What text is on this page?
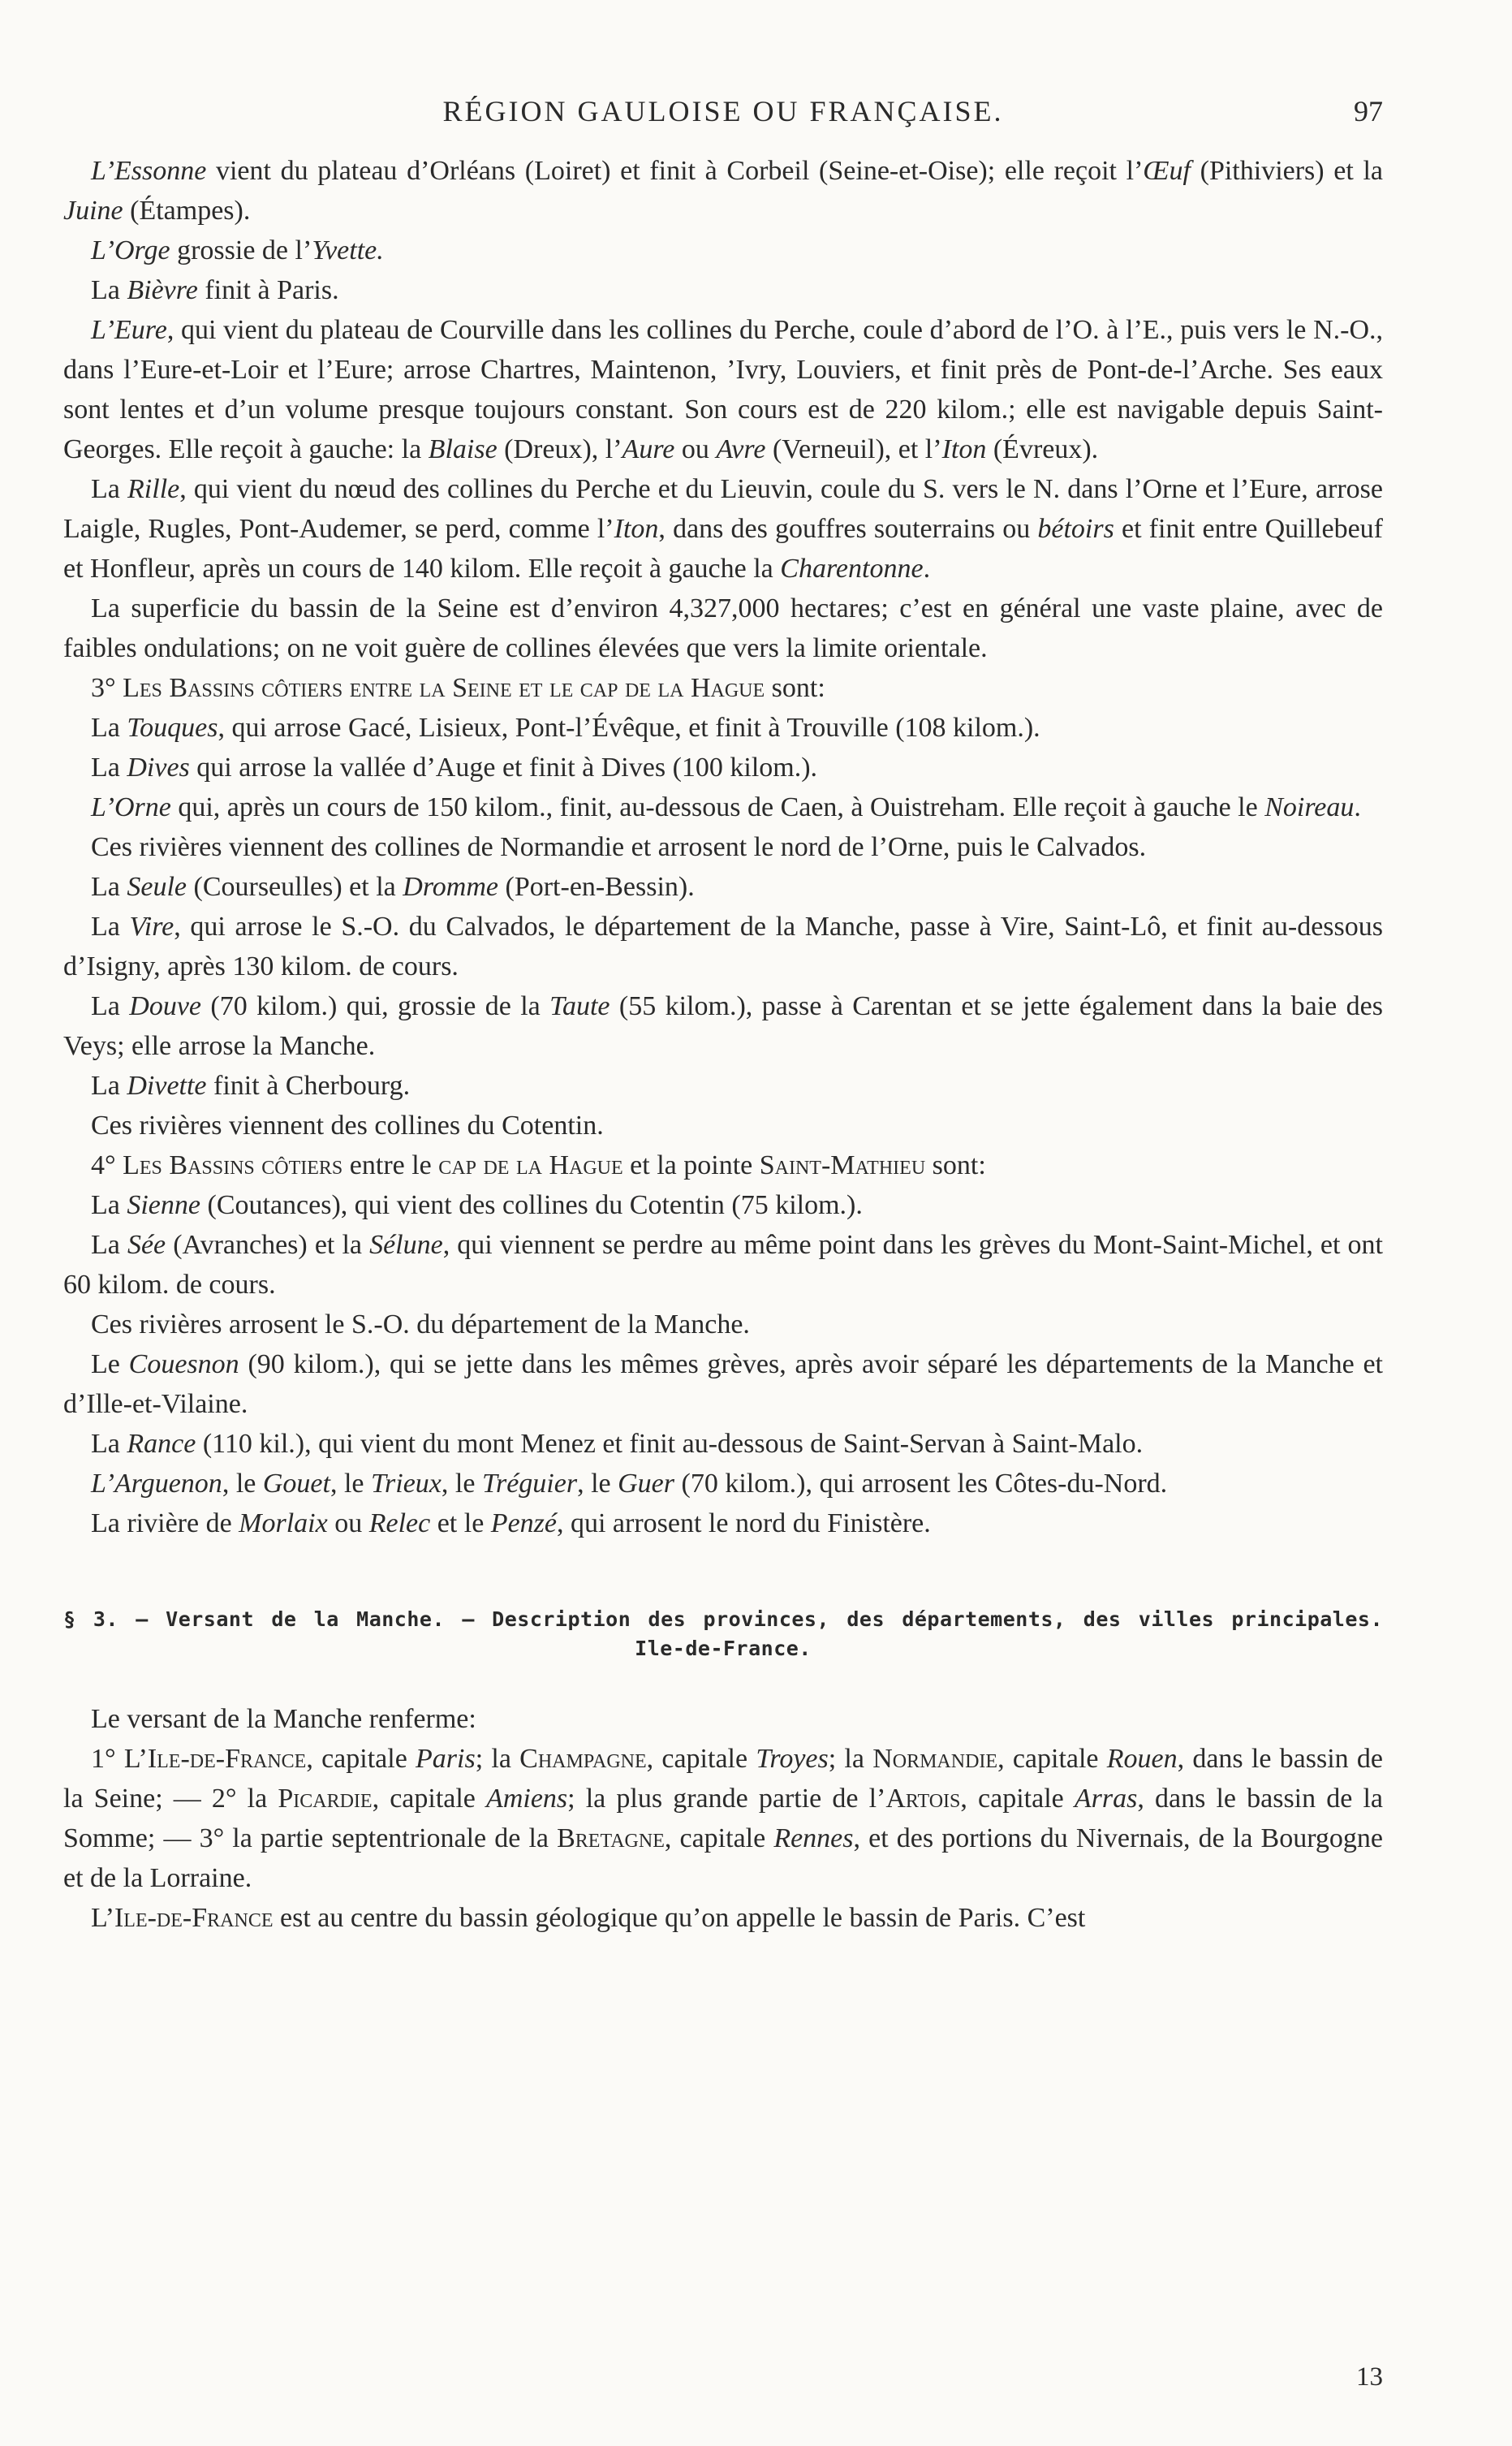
RÉGION GAULOISE OU FRANÇAISE.	97

L’Essonne vient du plateau d’Orléans (Loiret) et finit à Corbeil (Seine-et-Oise); elle reçoit l’Œuf (Pithiviers) et la Juine (Étampes).

L’Orge grossie de l’Yvette.

La Bièvre finit à Paris.

L’Eure, qui vient du plateau de Courville dans les collines du Perche, coule d’abord de l’O. à l’E., puis vers le N.-O., dans l’Eure-et-Loir et l’Eure; arrose Chartres, Maintenon, ’Ivry, Louviers, et finit près de Pont-de-l’Arche. Ses eaux sont lentes et d’un volume presque toujours constant. Son cours est de 220 kilom.; elle est navigable depuis Saint-Georges. Elle reçoit à gauche: la Blaise (Dreux), l’Aure ou Avre (Verneuil), et l’Iton (Évreux).

La Rille, qui vient du nœud des collines du Perche et du Lieuvin, coule du S. vers le N. dans l’Orne et l’Eure, arrose Laigle, Rugles, Pont-Audemer, se perd, comme l’Iton, dans des gouffres souterrains ou bétoirs et finit entre Quillebeuf et Honfleur, après un cours de 140 kilom. Elle reçoit à gauche la Charentonne.

La superficie du bassin de la Seine est d’environ 4,327,000 hectares; c’est en général une vaste plaine, avec de faibles ondulations; on ne voit guère de collines élevées que vers la limite orientale.

3° Les Bassins côtiers entre la Seine et le cap de la Hague sont:

La Touques, qui arrose Gacé, Lisieux, Pont-l’Évêque, et finit à Trouville (108 kilom.).

La Dives qui arrose la vallée d’Auge et finit à Dives (100 kilom.).

L’Orne qui, après un cours de 150 kilom., finit, au-dessous de Caen, à Ouistreham. Elle reçoit à gauche le Noireau.

Ces rivières viennent des collines de Normandie et arrosent le nord de l’Orne, puis le Calvados.

La Seule (Courseulles) et la Dromme (Port-en-Bessin).

La Vire, qui arrose le S.-O. du Calvados, le département de la Manche, passe à Vire, Saint-Lô, et finit au-dessous d’Isigny, après 130 kilom. de cours.

La Douve (70 kilom.) qui, grossie de la Taute (55 kilom.), passe à Carentan et se jette également dans la baie des Veys; elle arrose la Manche.

La Divette finit à Cherbourg.

Ces rivières viennent des collines du Cotentin.

4° Les Bassins côtiers entre le cap de la Hague et la pointe Saint-Mathieu sont:

La Sienne (Coutances), qui vient des collines du Cotentin (75 kilom.).

La Sée (Avranches) et la Sélune, qui viennent se perdre au même point dans les grèves du Mont-Saint-Michel, et ont 60 kilom. de cours.

Ces rivières arrosent le S.-O. du département de la Manche.

Le Couesnon (90 kilom.), qui se jette dans les mêmes grèves, après avoir séparé les départements de la Manche et d’Ille-et-Vilaine.

La Rance (110 kil.), qui vient du mont Menez et finit au-dessous de Saint-Servan à Saint-Malo.

L’Arguenon, le Gouet, le Trieux, le Tréguier, le Guer (70 kilom.), qui arrosent les Côtes-du-Nord.

La rivière de Morlaix ou Relec et le Penzé, qui arrosent le nord du Finistère.

§ 3. — Versant de la Manche. — Description des provinces, des départements, des villes principales.
Ile-de-France.

Le versant de la Manche renferme:

1° L’Ile-de-France, capitale Paris; la Champagne, capitale Troyes; la Normandie, capitale Rouen, dans le bassin de la Seine; — 2° la Picardie, capitale Amiens; la plus grande partie de l’Artois, capitale Arras, dans le bassin de la Somme; — 3° la partie septentrionale de la Bretagne, capitale Rennes, et des portions du Nivernais, de la Bourgogne et de la Lorraine.

L’Ile-de-France est au centre du bassin géologique qu’on appelle le bassin de Paris. C’est

13
